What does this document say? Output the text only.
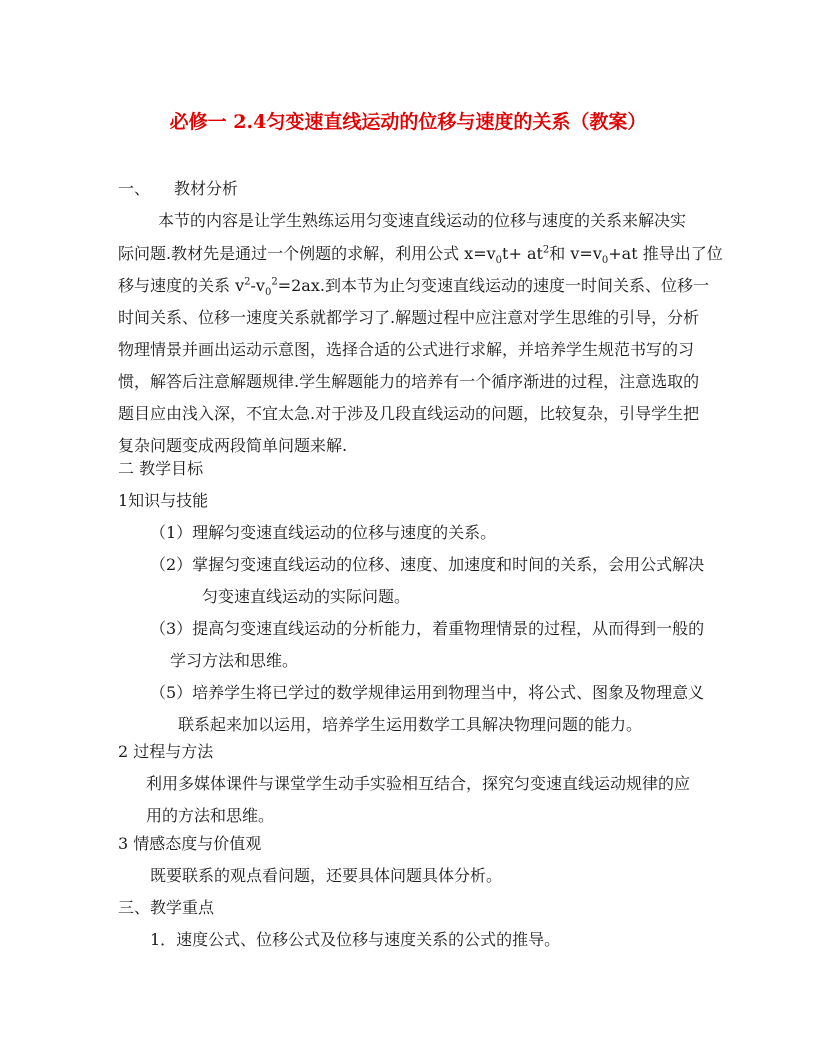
必修一 2.4匀变速直线运动的位移与速度的关系（教案）
一、 教材分析
本节的内容是让学生熟练运用匀变速直线运动的位移与速度的关系来解决实
际问题.教材先是通过一个例题的求解，利用公式 $x=v_0t+ at^2$和 $v=v_0+at$ 推导出了位
移与速度的关系 $v^2-v_0^2=2ax$.到本节为止匀变速直线运动的速度一时间关系、位移一
时间关系、位移一速度关系就都学习了.解题过程中应注意对学生思维的引导，分析
物理情景并画出运动示意图，选择合适的公式进行求解，并培养学生规范书写的习
惯，解答后注意解题规律.学生解题能力的培养有一个循序渐进的过程，注意选取的
题目应由浅入深，不宜太急.对于涉及几段直线运动的问题，比较复杂，引导学生把
复杂问题变成两段简单问题来解.
二 教学目标
1知识与技能
（1）理解匀变速直线运动的位移与速度的关系。
（2）掌握匀变速直线运动的位移、速度、加速度和时间的关系，会用公式解决
匀变速直线运动的实际问题。
（3）提高匀变速直线运动的分析能力，着重物理情景的过程，从而得到一般的
学习方法和思维。
（5）培养学生将已学过的数学规律运用到物理当中，将公式、图象及物理意义
联系起来加以运用，培养学生运用数学工具解决物理问题的能力。
2 过程与方法
利用多媒体课件与课堂学生动手实验相互结合，探究匀变速直线运动规律的应
用的方法和思维。
3 情感态度与价值观
既要联系的观点看问题，还要具体问题具体分析。
三、教学重点
1．速度公式、位移公式及位移与速度关系的公式的推导。
